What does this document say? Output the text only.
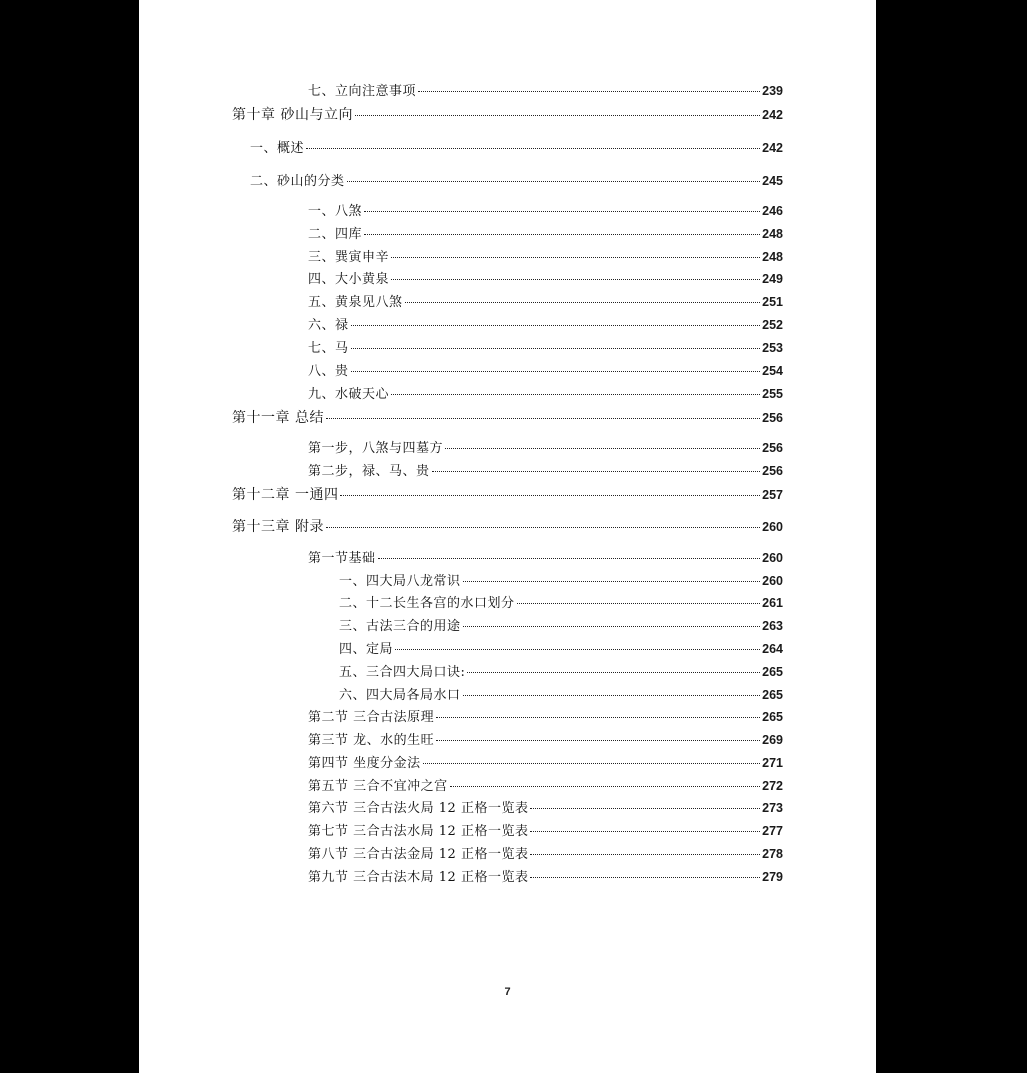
七、立向注意事项	239
第十章 砂山与立向	242
一、概述	242
二、砂山的分类	245
一、八煞	246
二、四库	248
三、巽寅申辛	248
四、大小黄泉	249
五、黄泉见八煞	251
六、禄	252
七、马	253
八、贵	254
九、水破天心	255
第十一章 总结	256
第一步，八煞与四墓方	256
第二步，禄、马、贵	256
第十二章 一通四	257
第十三章 附录	260
第一节基础	260
一、四大局八龙常识	260
二、十二长生各宫的水口划分	261
三、古法三合的用途	263
四、定局	264
五、三合四大局口诀:	265
六、四大局各局水口	265
第二节 三合古法原理	265
第三节 龙、水的生旺	269
第四节 坐度分金法	271
第五节 三合不宜冲之宫	272
第六节 三合古法火局 12 正格一览表	273
第七节 三合古法水局 12 正格一览表	277
第八节 三合古法金局 12 正格一览表	278
第九节 三合古法木局 12 正格一览表	279
7
